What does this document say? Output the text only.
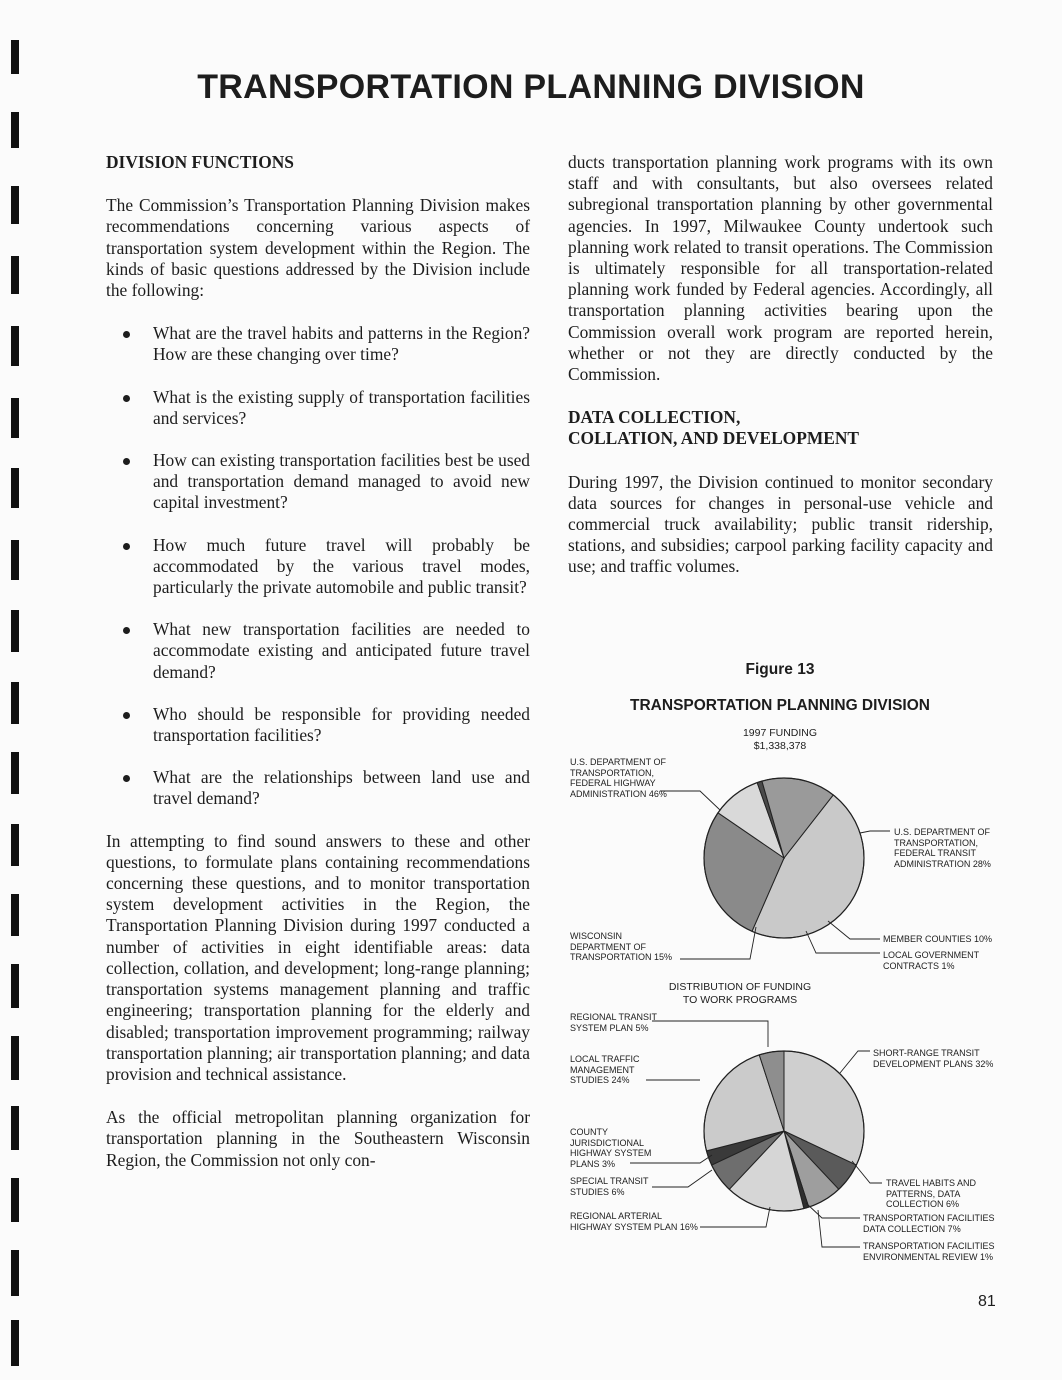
TRANSPORTATION PLANNING DIVISION
DIVISION FUNCTIONS

The Commission’s Transportation Planning Division makes recommendations concerning various aspects of transportation system development within the Region. The kinds of basic questions addressed by the Division include the following:

What are the travel habits and patterns in the Region? How are these changing over time?
What is the existing supply of transportation facilities and services?
How can existing transportation facilities best be used and transportation demand managed to avoid new capital investment?
How much future travel will probably be accommodated by the various travel modes, particularly the private automobile and public transit?
What new transportation facilities are needed to accommodate existing and anticipated future travel demand?
Who should be responsible for providing needed transportation facilities?
What are the relationships between land use and travel demand?

In attempting to find sound answers to these and other questions, to formulate plans containing recommendations concerning these questions, and to monitor transportation system development activities in the Region, the Transportation Planning Division during 1997 conducted a number of activities in eight identifiable areas: data collection, collation, and development; long-range planning; transportation systems management planning and traffic engineering; transportation planning for the elderly and disabled; transportation improvement programming; railway transportation planning; air transportation planning; and data provision and technical assistance.

As the official metropolitan planning organization for transportation planning in the Southeastern Wisconsin Region, the Commission not only con-

ducts transportation planning work programs with its own staff and with consultants, but also oversees related subregional transportation planning by other governmental agencies. In 1997, Milwaukee County undertook such planning work related to transit operations. The Commission is ultimately responsible for all transportation-related planning work funded by Federal agencies. Accordingly, all transportation planning activities bearing upon the Commission overall work program are reported herein, whether or not they are directly conducted by the Commission.

DATA COLLECTION,
COLLATION, AND DEVELOPMENT

During 1997, the Division continued to monitor secondary data sources for changes in personal-use vehicle and commercial truck availability; public transit ridership, stations, and subsidies; carpool parking facility capacity and use; and traffic volumes.

Figure 13
TRANSPORTATION PLANNING DIVISION
1997 FUNDING
$1,338,378
DISTRIBUTION OF FUNDING
TO WORK PROGRAMS
U.S. DEPARTMENT OF
TRANSPORTATION,
FEDERAL HIGHWAY
ADMINISTRATION 46%
U.S. DEPARTMENT OF
TRANSPORTATION,
FEDERAL TRANSIT
ADMINISTRATION 28%
MEMBER COUNTIES 10%
LOCAL GOVERNMENT
CONTRACTS 1%
WISCONSIN
DEPARTMENT OF
TRANSPORTATION 15%
SHORT-RANGE TRANSIT
DEVELOPMENT PLANS 32%
TRAVEL HABITS AND
PATTERNS, DATA
COLLECTION 6%
TRANSPORTATION FACILITIES
DATA COLLECTION 7%
TRANSPORTATION FACILITIES
ENVIRONMENTAL REVIEW 1%
REGIONAL ARTERIAL
HIGHWAY SYSTEM PLAN 16%
SPECIAL TRANSIT
STUDIES 6%
COUNTY
JURISDICTIONAL
HIGHWAY SYSTEM
PLANS 3%
LOCAL TRAFFIC
MANAGEMENT
STUDIES 24%
REGIONAL TRANSIT
SYSTEM PLAN 5%
81
